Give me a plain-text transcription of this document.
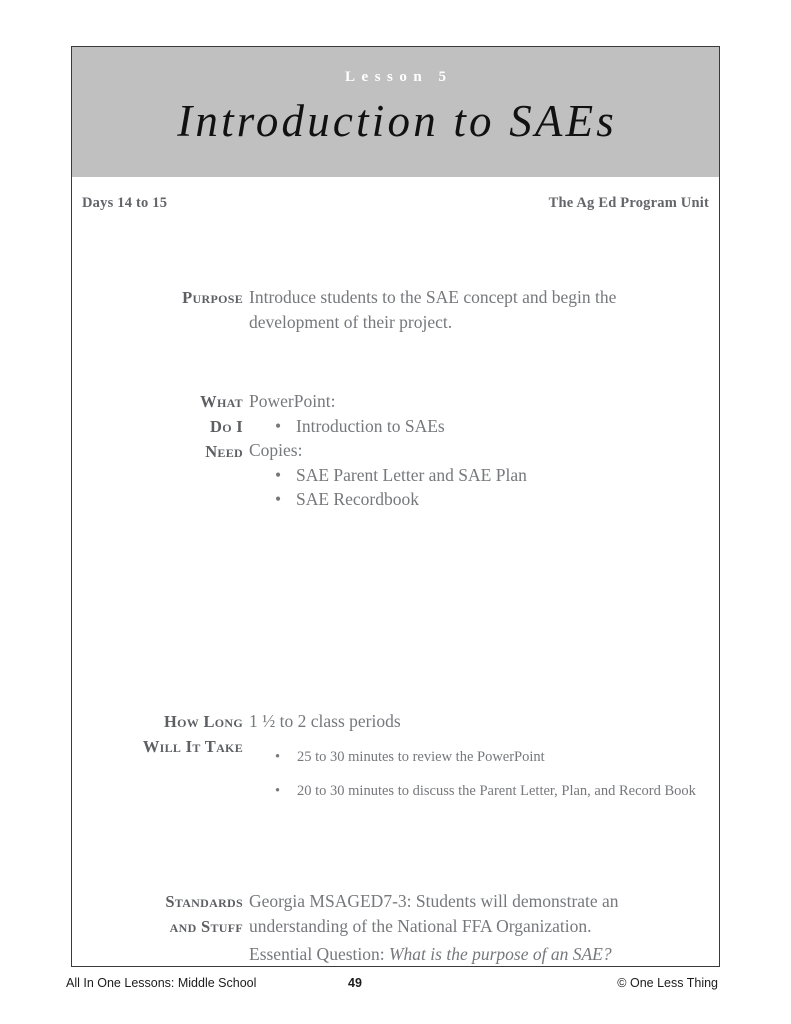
Lesson 5
Introduction to SAEs
Days 14 to 15	The Ag Ed Program Unit
Purpose Introduce students to the SAE concept and begin the development of their project.

What
Do I
Need

PowerPoint:

• Introduction to SAEs

Copies:

• SAE Parent Letter and SAE Plan
• SAE Recordbook
How Long
Will It Take

1 ½ to 2 class periods

• 25 to 30 minutes to review the PowerPoint
• 20 to 30 minutes to discuss the Parent Letter, Plan, and Record Book
Standards
and Stuff

Georgia MSAGED7-3: Students will demonstrate an understanding of the National FFA Organization.

Essential Question: What is the purpose of an SAE?

All In One Lessons: Middle School	49	© One Less Thing
